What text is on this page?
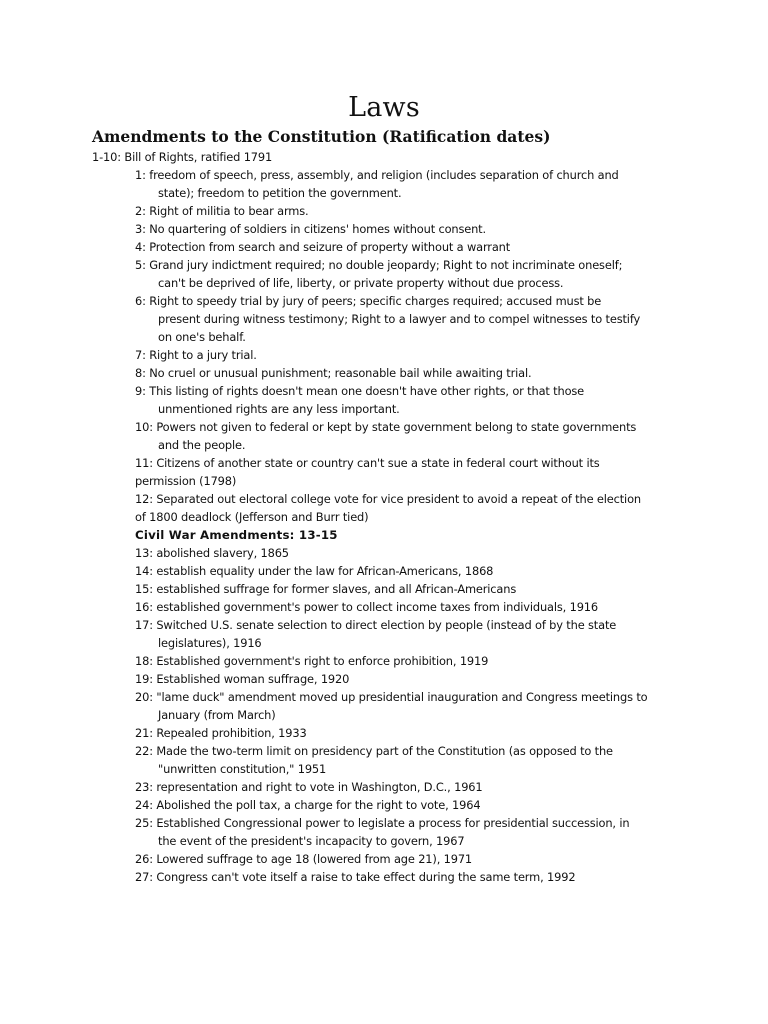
Laws
Amendments to the Constitution (Ratification dates)
1-10: Bill of Rights, ratified 1791
1: freedom of speech, press, assembly, and religion (includes separation of church and
state); freedom to petition the government.
2: Right of militia to bear arms.
3: No quartering of soldiers in citizens' homes without consent.
4: Protection from search and seizure of property without a warrant
5: Grand jury indictment required; no double jeopardy; Right to not incriminate oneself;
can't be deprived of life, liberty, or private property without due process.
6: Right to speedy trial by jury of peers; specific charges required; accused must be
present during witness testimony; Right to a lawyer and to compel witnesses to testify
on one's behalf.
7: Right to a jury trial.
8: No cruel or unusual punishment; reasonable bail while awaiting trial.
9: This listing of rights doesn't mean one doesn't have other rights, or that those
unmentioned rights are any less important.
10: Powers not given to federal or kept by state government belong to state governments
and the people.
11: Citizens of another state or country can't sue a state in federal court without its
permission (1798)
12: Separated out electoral college vote for vice president to avoid a repeat of the election
of 1800 deadlock (Jefferson and Burr tied)
Civil War Amendments: 13-15
13: abolished slavery, 1865
14: establish equality under the law for African-Americans, 1868
15: established suffrage for former slaves, and all African-Americans
16: established government's power to collect income taxes from individuals, 1916
17: Switched U.S. senate selection to direct election by people (instead of by the state
legislatures), 1916
18: Established government's right to enforce prohibition, 1919
19: Established woman suffrage, 1920
20: "lame duck" amendment moved up presidential inauguration and Congress meetings to
January (from March)
21: Repealed prohibition, 1933
22: Made the two-term limit on presidency part of the Constitution (as opposed to the
"unwritten constitution," 1951
23: representation and right to vote in Washington, D.C., 1961
24: Abolished the poll tax, a charge for the right to vote, 1964
25: Established Congressional power to legislate a process for presidential succession, in
the event of the president's incapacity to govern, 1967
26: Lowered suffrage to age 18 (lowered from age 21), 1971
27: Congress can't vote itself a raise to take effect during the same term, 1992
